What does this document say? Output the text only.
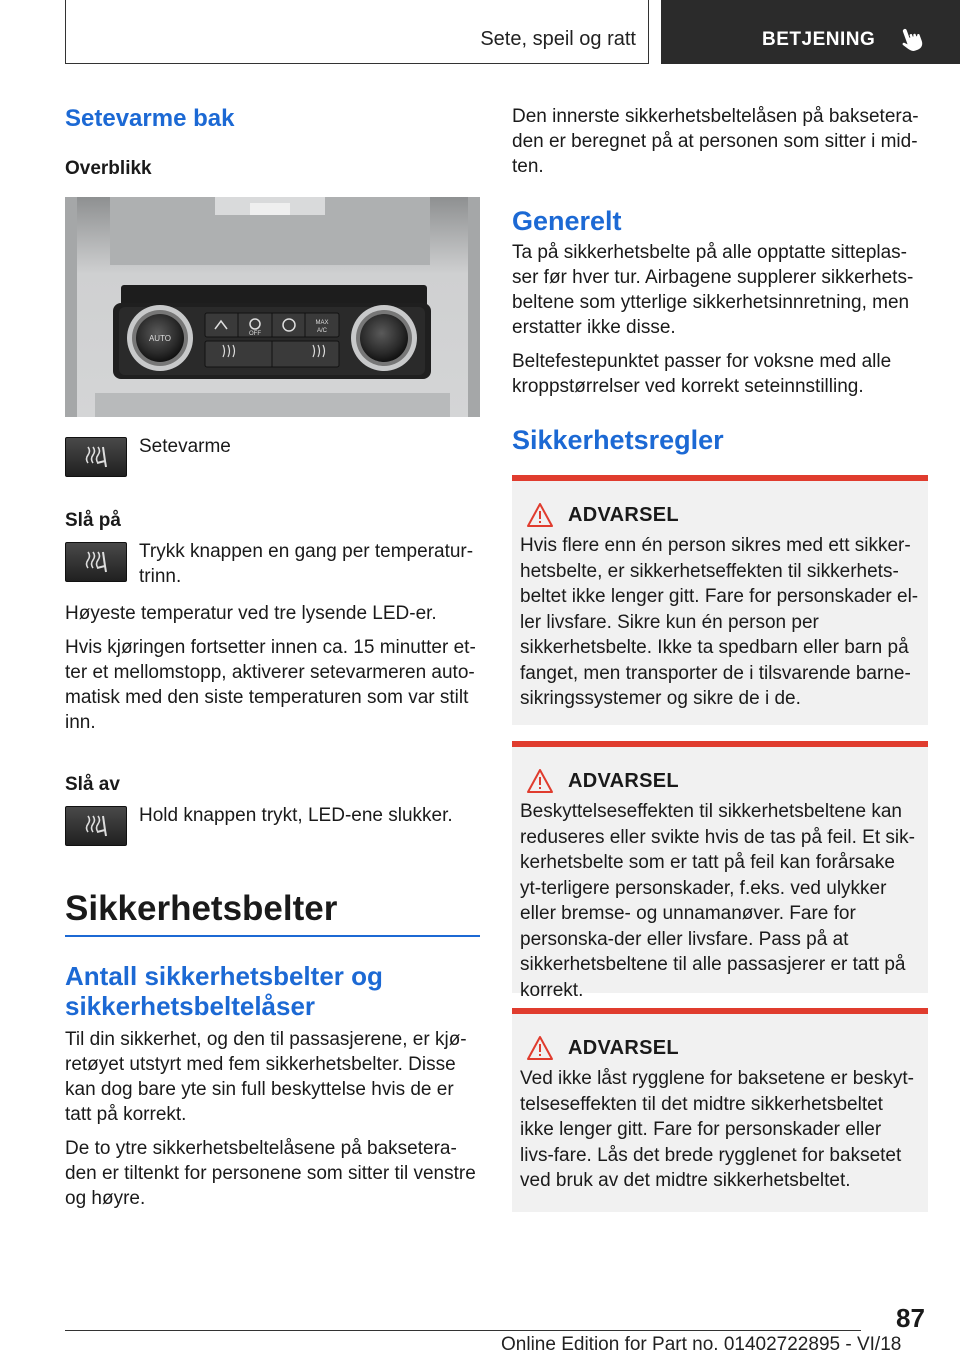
Sete, speil og ratt	BETJENING
Setevarme bak
Overblikk
AUTO	OFF
MAX
A/C

Setevarme

Slå på

Trykk knappen en gang per temperatur‐trinn.

Høyeste temperatur ved tre lysende LED-er.

Hvis kjøringen fortsetter innen ca. 15 minutter et‐ter et mellomstopp, aktiverer setevarmeren auto‐matisk med den siste temperaturen som var stilt inn.

Slå av

Hold knappen trykt, LED-ene slukker.

Sikkerhetsbelter
Antall sikkerhetsbelter og sikkerhetsbeltelåser

Til din sikkerhet, og den til passasjerene, er kjø‐retøyet utstyrt med fem sikkerhetsbelter. Disse kan dog bare yte sin full beskyttelse hvis de er tatt på korrekt.

De to ytre sikkerhetsbeltelåsene på baksetera‐den er tiltenkt for personene som sitter til venstre og høyre.

Den innerste sikkerhetsbeltelåsen på baksetera‐den er beregnet på at personen som sitter i mid‐ten.

Generelt

Ta på sikkerhetsbelte på alle opptatte sitteplas‐ser før hver tur. Airbagene supplerer sikkerhets‐beltene som ytterlige sikkerhetsinnretning, men erstatter ikke disse.

Beltefestepunktet passer for voksne med alle kroppstørrelser ved korrekt seteinnstilling.

Sikkerhetsregler
ADVARSEL

Hvis flere enn én person sikres med ett sikker‐hetsbelte, er sikkerhetseffekten til sikkerhets‐beltet ikke lenger gitt. Fare for personskader el‐ler livsfare. Sikre kun én person per sikkerhetsbelte. Ikke ta spedbarn eller barn på fanget, men transporter de i tilsvarende barne‐sikringssystemer og sikre de i de.

ADVARSEL

Beskyttelseseffekten til sikkerhetsbeltene kan reduseres eller svikte hvis de tas på feil. Et sik‐kerhetsbelte som er tatt på feil kan forårsake yt‐terligere personskader, f.eks. ved ulykker eller bremse- og unnamanøver. Fare for personska‐der eller livsfare. Pass på at sikkerhetsbeltene til alle passasjerer er tatt på korrekt.

ADVARSEL

Ved ikke låst rygglene for baksetene er beskyt‐telseseffekten til det midtre sikkerhetsbeltet ikke lenger gitt. Fare for personskader eller livs‐fare. Lås det brede rygglenet for baksetet ved bruk av det midtre sikkerhetsbeltet.

87
Online Edition for Part no. 01402722895 - VI/18
